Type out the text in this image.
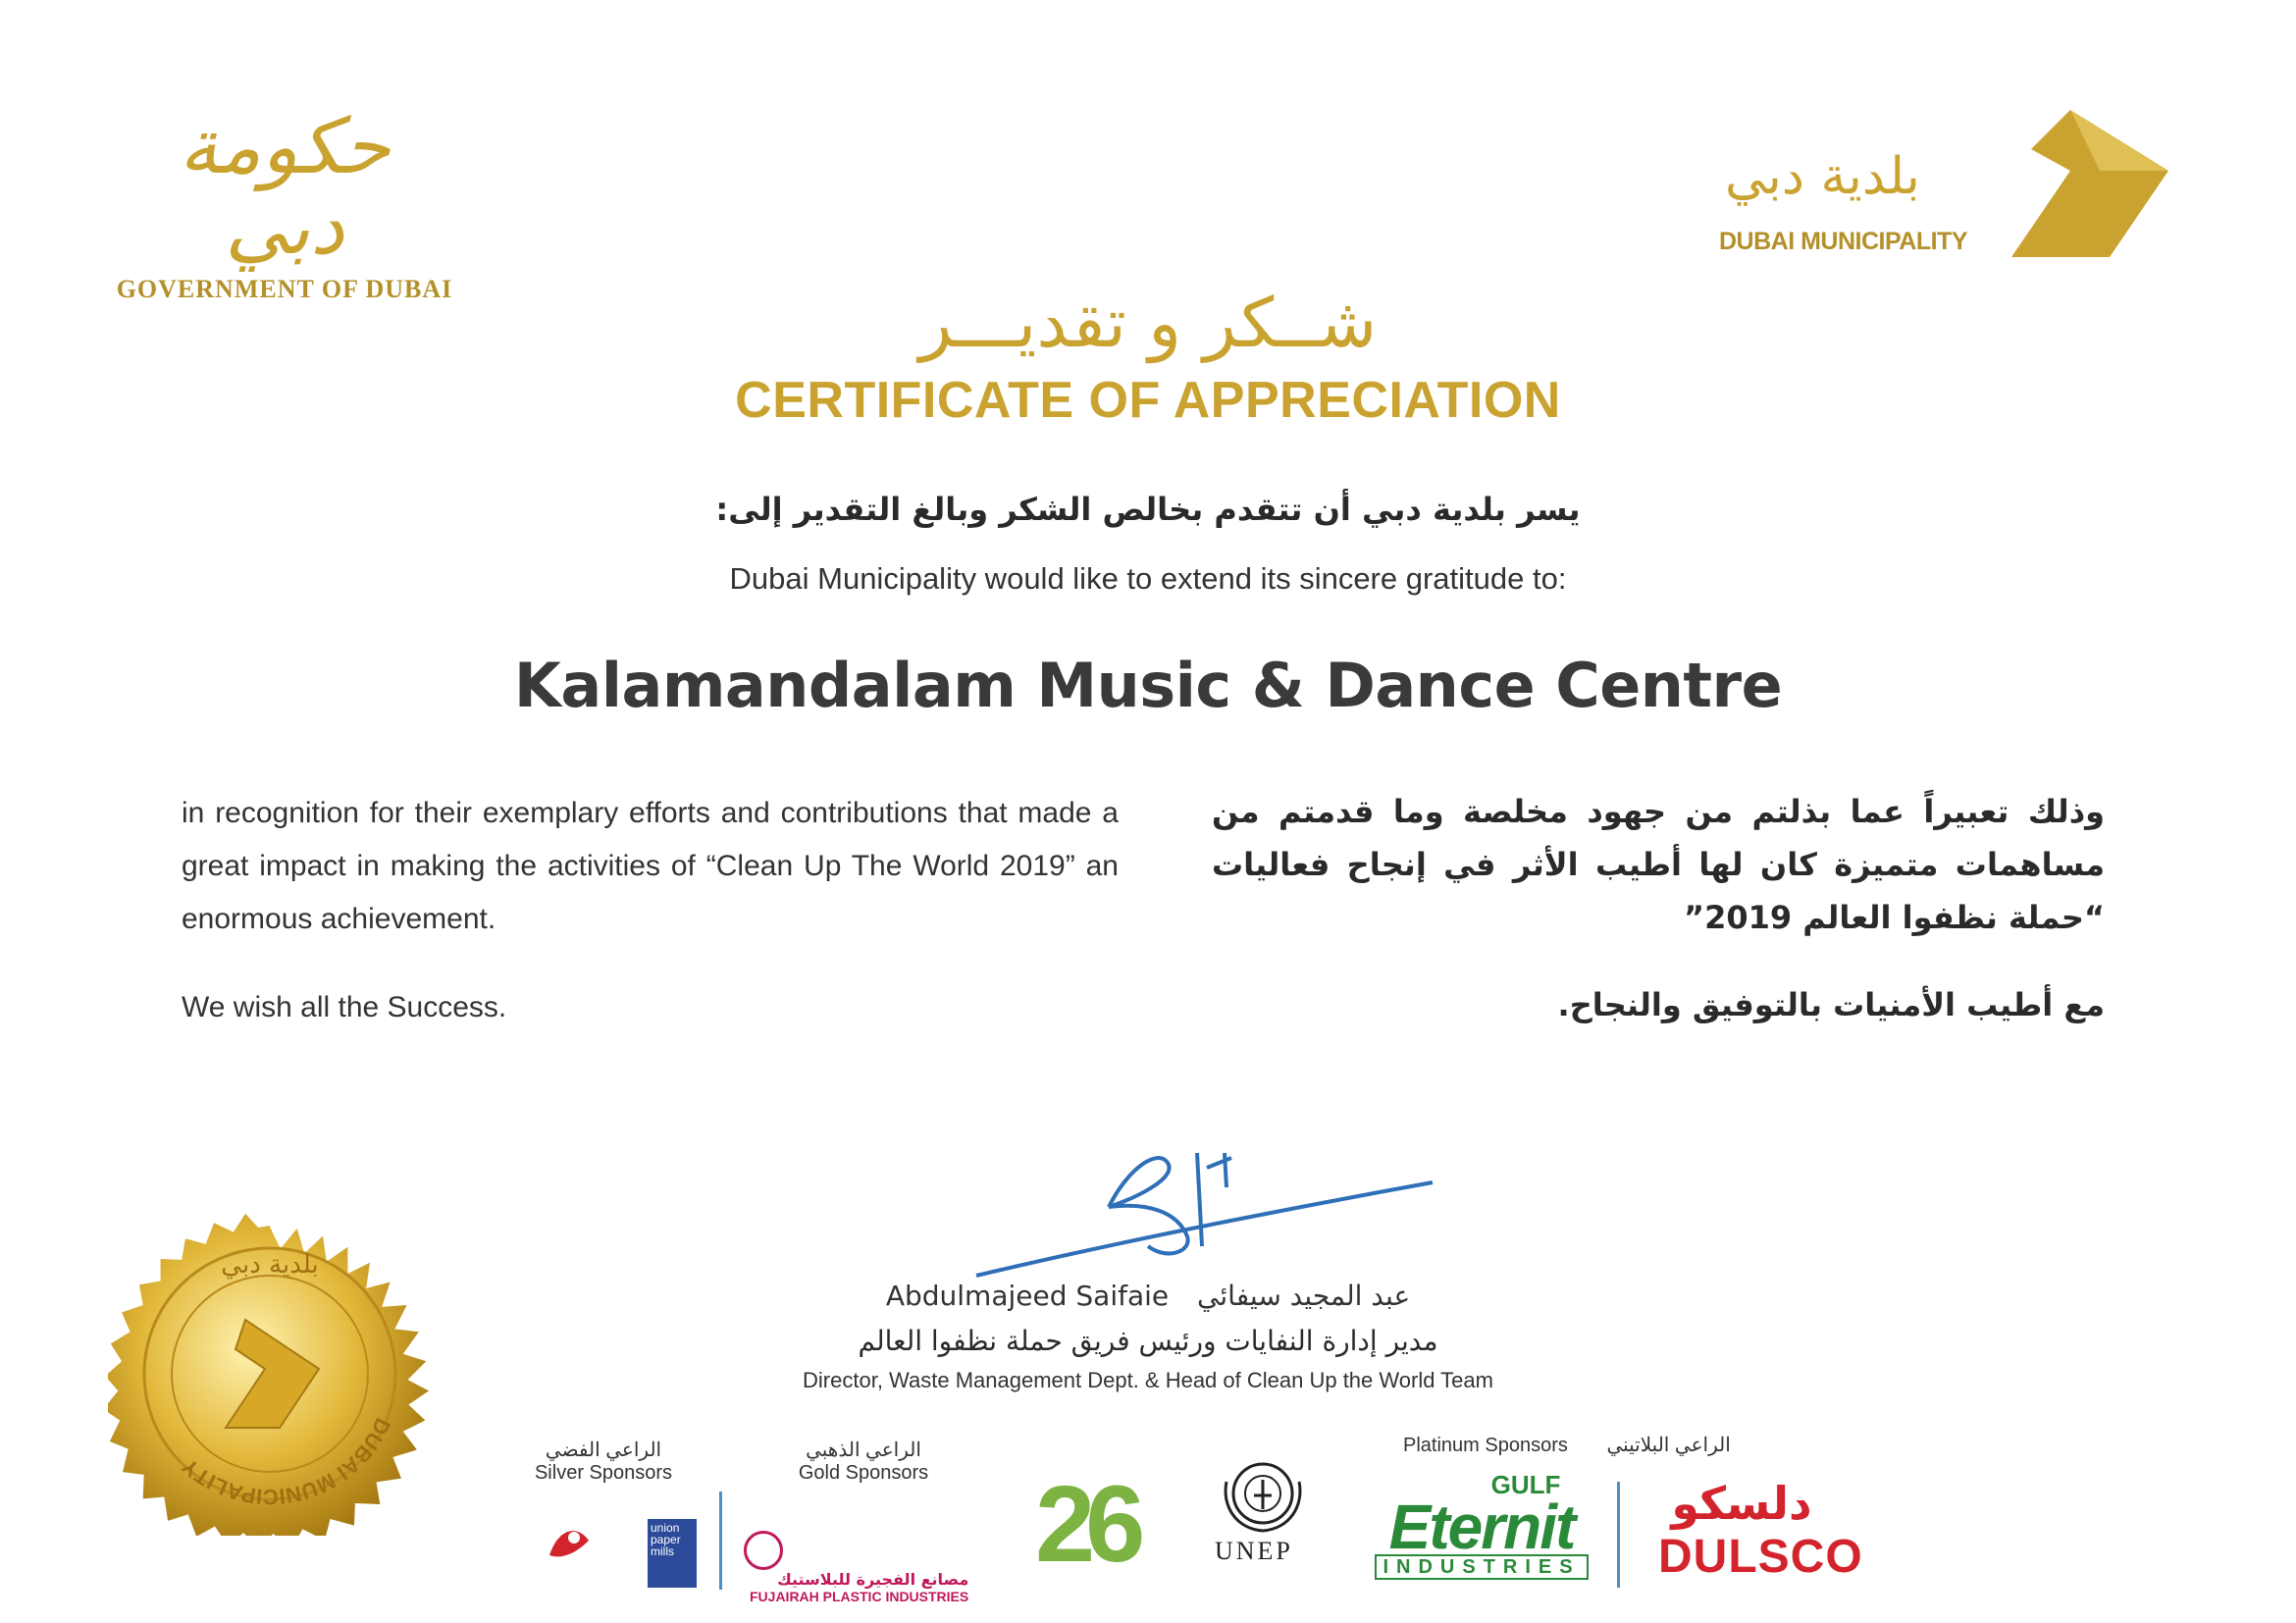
حكومة دبي
GOVERNMENT OF DUBAI
بلدية دبي
DUBAI MUNICIPALITY
شــكر و تقديـــر
CERTIFICATE OF APPRECIATION
يسر بلدية دبي أن تتقدم بخالص الشكر وبالغ التقدير إلى:
Dubai Municipality would like to extend its sincere gratitude to:
Kalamandalam Music & Dance Centre
in recognition for their exemplary efforts and contributions that made a great impact in making the activities of “Clean Up The World 2019” an enormous achievement.
We wish all the Success.
وذلك تعبيراً عما بذلتم من جهود مخلصة وما قدمتم من مساهمات متميزة كان لها أطيب الأثر في إنجاح فعاليات “حملة نظفوا العالم 2019”
مع أطيب الأمنيات بالتوفيق والنجاح.
Abdulmajeed Saifaie عبد المجيد سيفائي
مدير إدارة النفايات ورئيس فريق حملة نظفوا العالم
Director, Waste Management Dept. & Head of Clean Up the World Team
DUBAI MUNICIPALITY
بلدية دبي
الراعي الفضي
Silver Sponsors
union paper mills
الراعي الذهبي
Gold Sponsors

مصانع الفجيرة للبلاستيك
FUJAIRAH PLASTIC INDUSTRIES
26	UNEP
Platinum Sponsors الراعي البلاتيني
GULF
Eternit
INDUSTRIES
دلسكو
DULSCO
